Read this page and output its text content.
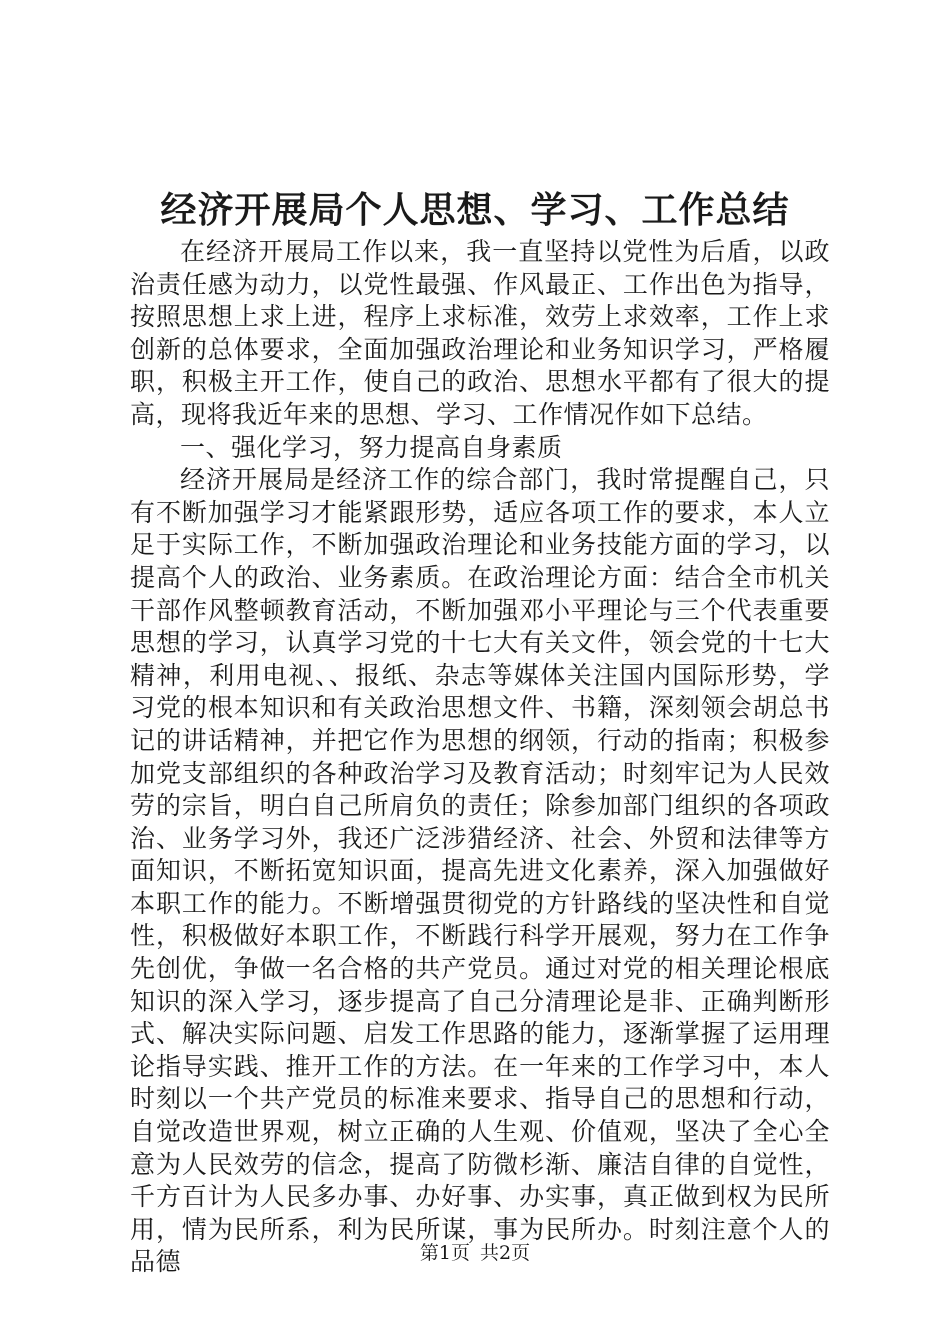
经济开展局个人思想、学习、工作总结

在经济开展局工作以来，我一直坚持以党性为后盾，以政治责任感为动力，以党性最强、作风最正、工作出色为指导，按照思想上求上进，程序上求标准，效劳上求效率，工作上求创新的总体要求，全面加强政治理论和业务知识学习，严格履职，积极主开工作，使自己的政治、思想水平都有了很大的提高，现将我近年来的思想、学习、工作情况作如下总结。

一、强化学习，努力提高自身素质

经济开展局是经济工作的综合部门，我时常提醒自己，只有不断加强学习才能紧跟形势，适应各项工作的要求，本人立足于实际工作，不断加强政治理论和业务技能方面的学习，以提高个人的政治、业务素质。在政治理论方面：结合全市机关干部作风整顿教育活动，不断加强邓小平理论与三个代表重要思想的学习，认真学习党的十七大有关文件，领会党的十七大精神，利用电视、、报纸、杂志等媒体关注国内国际形势，学习党的根本知识和有关政治思想文件、书籍，深刻领会胡总书记的讲话精神，并把它作为思想的纲领，行动的指南；积极参加党支部组织的各种政治学习及教育活动；时刻牢记为人民效劳的宗旨，明白自己所肩负的责任；除参加部门组织的各项政治、业务学习外，我还广泛涉猎经济、社会、外贸和法律等方面知识，不断拓宽知识面，提高先进文化素养，深入加强做好本职工作的能力。不断增强贯彻党的方针路线的坚决性和自觉性，积极做好本职工作，不断践行科学开展观，努力在工作争先创优，争做一名合格的共产党员。通过对党的相关理论根底知识的深入学习，逐步提高了自己分清理论是非、正确判断形式、解决实际问题、启发工作思路的能力，逐渐掌握了运用理论指导实践、推开工作的方法。在一年来的工作学习中，本人时刻以一个共产党员的标准来要求、指导自己的思想和行动，自觉改造世界观，树立正确的人生观、价值观，坚决了全心全意为人民效劳的信念，提高了防微杉渐、廉洁自律的自觉性，千方百计为人民多办事、办好事、办实事，真正做到权为民所用，情为民所系，利为民所谋，事为民所办。时刻注意个人的品德	第1页 共2页
